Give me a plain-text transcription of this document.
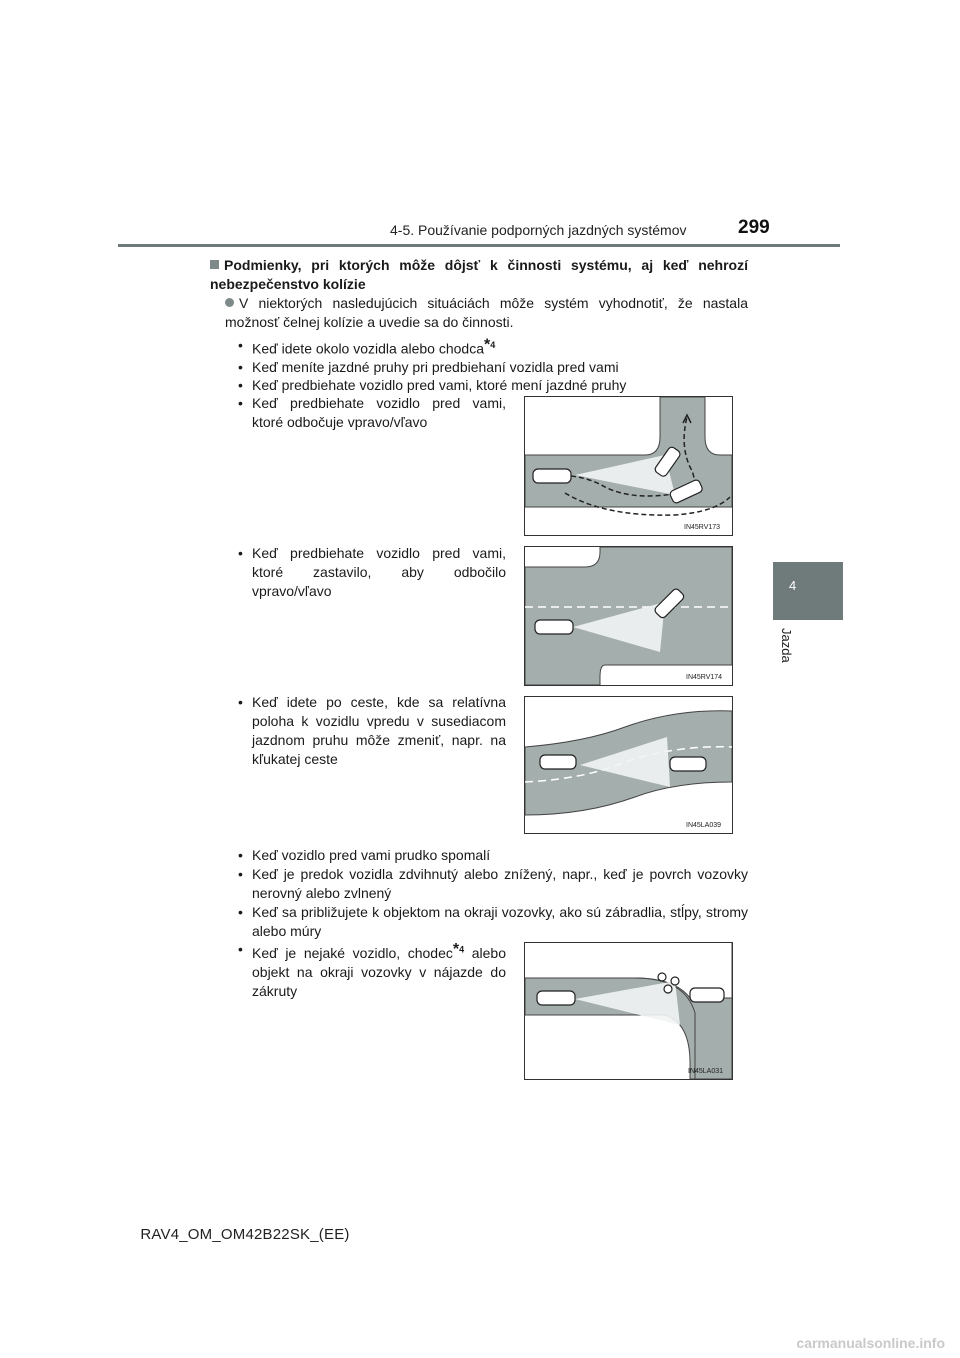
4-5. Používanie podporných jazdných systémov	299
4
Jazda
Podmienky, pri ktorých môže dôjsť k činnosti systému, aj keď nehrozí nebezpečenstvo kolízie
V niektorých nasledujúcich situáciách môže systém vyhodnotiť, že nastala možnosť čelnej kolízie a uvedie sa do činnosti.
• Keď idete okolo vozidla alebo chodca*$^4$
• Keď meníte jazdné pruhy pri predbiehaní vozidla pred vami
• Keď predbiehate vozidlo pred vami, ktoré mení jazdné pruhy
• Keď predbiehate vozidlo pred vami, ktoré odbočuje vpravo/vľavo
IN45RV173
• Keď predbiehate vozidlo pred vami, ktoré zastavilo, aby odbočilo vpravo/vľavo
IN45RV174
• Keď idete po ceste, kde sa relatívna poloha k vozidlu vpredu v susediacom jazdnom pruhu môže zmeniť, napr. na kľukatej ceste
IN45LA039
• Keď vozidlo pred vami prudko spomalí
• Keď je predok vozidla zdvihnutý alebo znížený, napr., keď je povrch vozovky nerovný alebo zvlnený
• Keď sa približujete k objektom na okraji vozovky, ako sú zábradlia, stĺpy, stromy alebo múry
• Keď je nejaké vozidlo, chodec*$^4$ alebo objekt na okraji vozovky v nájazde do zákruty
IN45LA031
RAV4_OM_OM42B22SK_(EE)
carmanualsonline.info
